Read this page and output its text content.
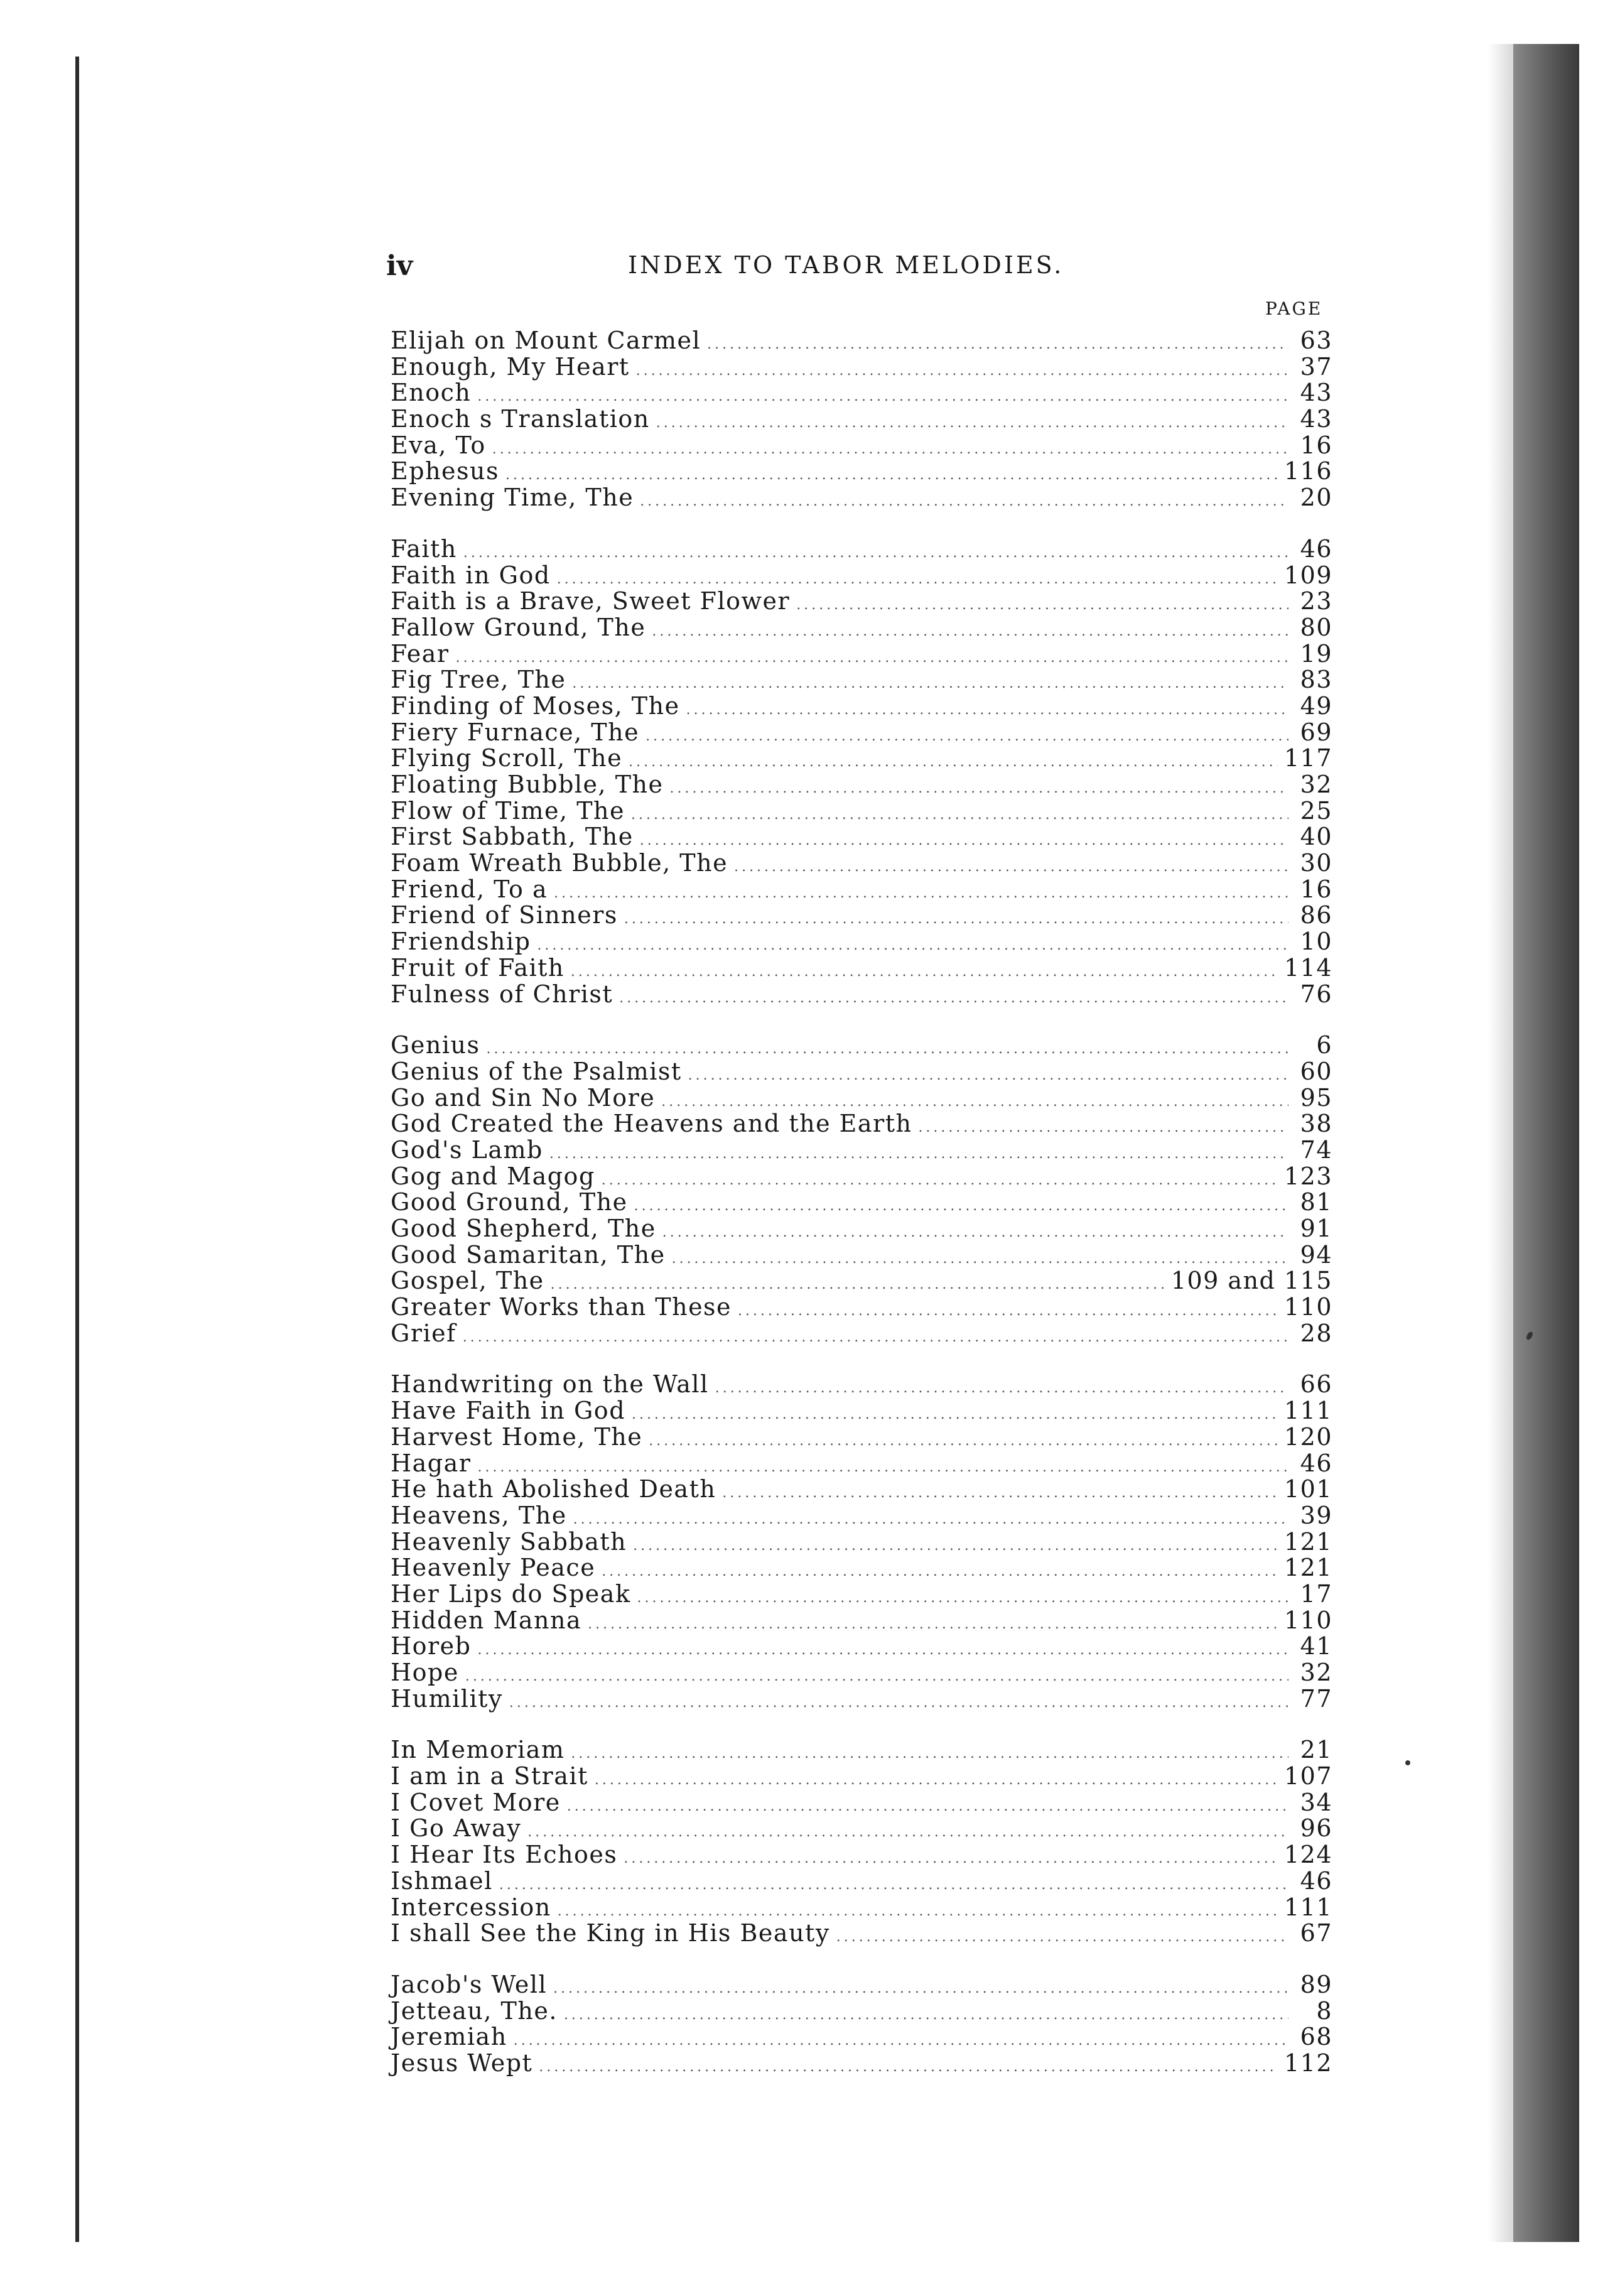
iv	INDEX TO TABOR MELODIES.
PAGE
Elijah on Mount Carmel .....	63
Enough, My Heart .....	37
Enoch .....	43
Enoch s Translation .....	43
Eva, To .....	16
Ephesus .....	116
Evening Time, The .....	20
Faith .....	46
Faith in God .....	109
Faith is a Brave, Sweet Flower .....	23
Fallow Ground, The .....	80
Fear .....	19
Fig Tree, The .....	83
Finding of Moses, The .....	49
Fiery Furnace, The .....	69
Flying Scroll, The .....	117
Floating Bubble, The .....	32
Flow of Time, The .....	25
First Sabbath, The .....	40
Foam Wreath Bubble, The .....	30
Friend, To a .....	16
Friend of Sinners .....	86
Friendship .....	10
Fruit of Faith .....	114
Fulness of Christ .....	76
Genius .....	6
Genius of the Psalmist .....	60
Go and Sin No More .....	95
God Created the Heavens and the Earth .....	38
God's Lamb .....	74
Gog and Magog .....	123
Good Ground, The .....	81
Good Shepherd, The .....	91
Good Samaritan, The .....	94
Gospel, The .....	109 and 115
Greater Works than These .....	110
Grief .....	28
Handwriting on the Wall .....	66
Have Faith in God .....	111
Harvest Home, The .....	120
Hagar .....	46
He hath Abolished Death .....	101
Heavens, The .....	39
Heavenly Sabbath .....	121
Heavenly Peace .....	121
Her Lips do Speak .....	17
Hidden Manna .....	110
Horeb .....	41
Hope .....	32
Humility .....	77
In Memoriam .....	21
I am in a Strait .....	107
I Covet More .....	34
I Go Away .....	96
I Hear Its Echoes .....	124
Ishmael .....	46
Intercession .....	111
I shall See the King in His Beauty .....	67
Jacob's Well .....	89
Jetteau, The. .....	8
Jeremiah .....	68
Jesus Wept .....	112
